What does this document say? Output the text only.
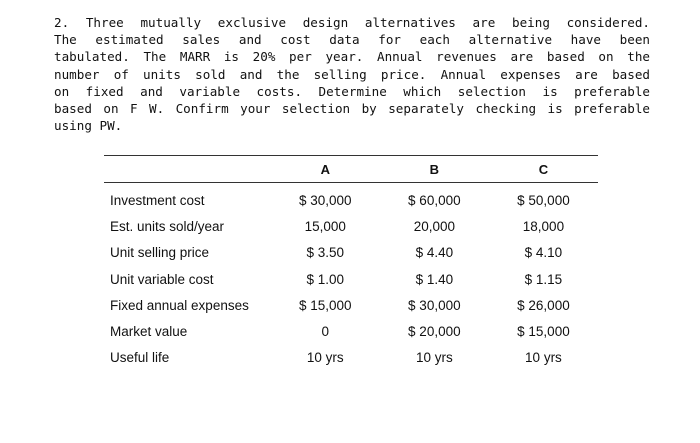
2. Three mutually exclusive design alternatives are being considered.
The estimated sales and cost data for each alternative have been
tabulated. The MARR is 20% per year. Annual revenues are based on the
number of units sold and the selling price. Annual expenses are based
on fixed and variable costs. Determine which selection is preferable
based on F W. Confirm your selection by separately checking is preferable
using PW.
	A	B	C
Investment cost	$ 30,000	$ 60,000	$ 50,000
Est. units sold/year	15,000	20,000	18,000
Unit selling price	$ 3.50	$ 4.40	$ 4.10
Unit variable cost	$ 1.00	$ 1.40	$ 1.15
Fixed annual expenses	$ 15,000	$ 30,000	$ 26,000
Market value	0	$ 20,000	$ 15,000
Useful life	10 yrs	10 yrs	10 yrs
